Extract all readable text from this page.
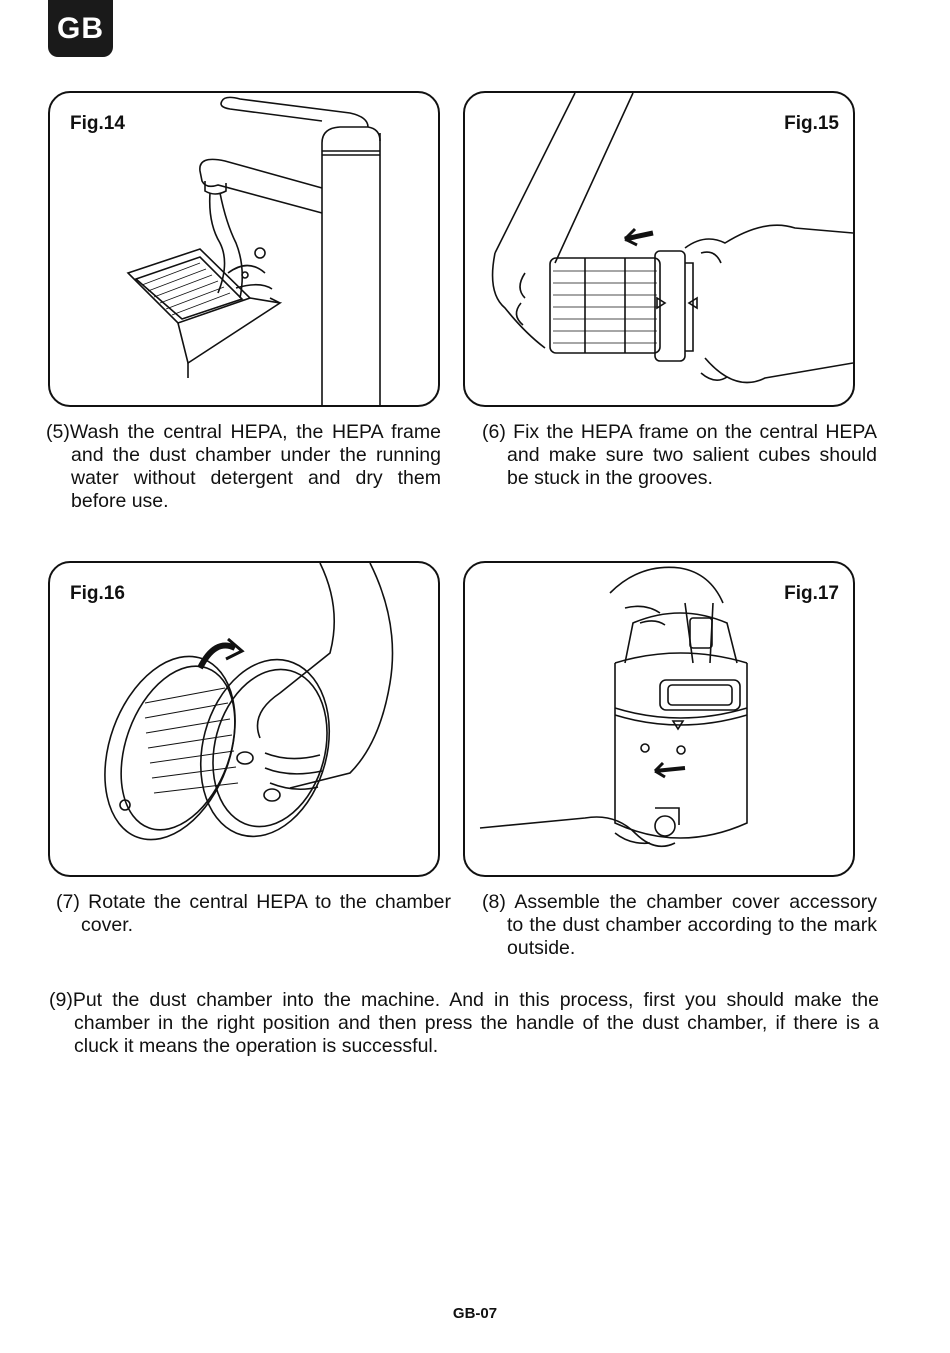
GB
Fig.14	Fig.15
(5)Wash the central HEPA, the HEPA frame and the dust chamber under the running water without detergent and dry them before use.
(6) Fix the HEPA frame on the central HEPA and make sure two salient cubes should be stuck in the grooves.
Fig.16	Fig.17
(7) Rotate the central HEPA to the chamber cover.
(8) Assemble the chamber cover accessory to the dust chamber according to the mark outside.
(9)Put the dust chamber into the machine. And in this process, first you should make the chamber in the right position and then press the handle of the dust chamber, if there is a cluck it means the operation is successful.
GB-07
